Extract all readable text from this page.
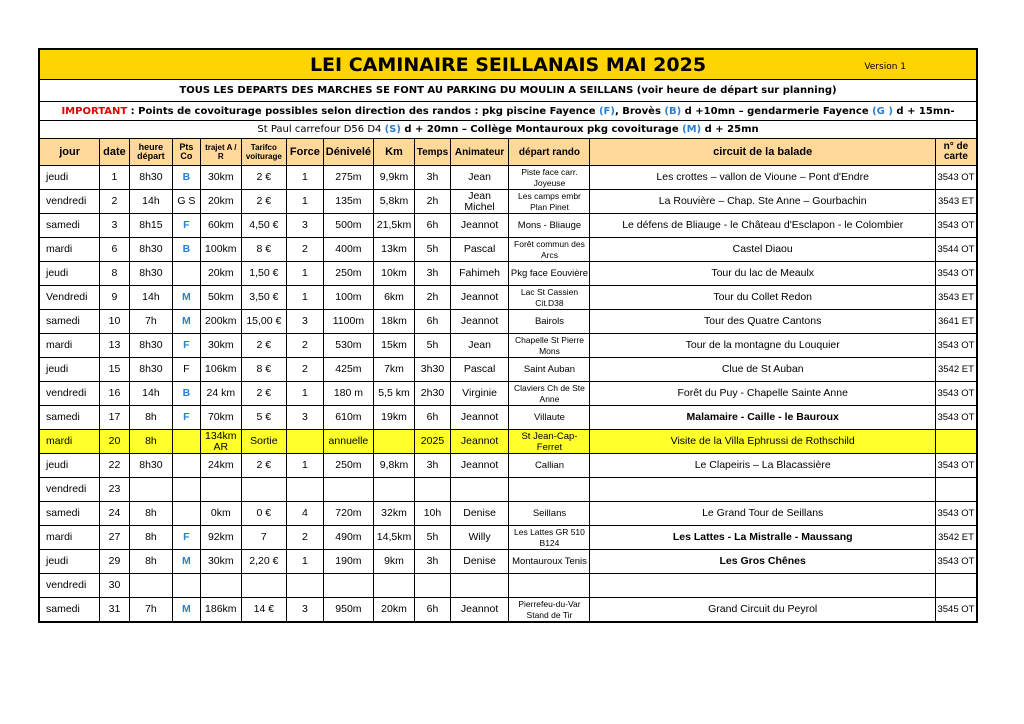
LEI CAMINAIRE SEILLANAIS MAI 2025	Version 1
TOUS LES DEPARTS DES MARCHES SE FONT AU PARKING DU MOULIN A SEILLANS (voir heure de départ sur planning)
IMPORTANT : Points de covoiturage possibles selon direction des randos : pkg piscine Fayence (F), Brovès (B) d +10mn – gendarmerie Fayence (G ) d + 15mn-
St Paul carrefour D56 D4 (S) d + 20mn – Collège Montauroux pkg covoiturage (M) d + 25mn
jour	date	heure départ	Pts Co	trajet A / R	Tarifco voiturage	Force	Dénivelé	Km	Temps	Animateur	départ rando	circuit de la balade	n° de carte
jeudi	1	8h30	B	30km	2 €	1	275m	9,9km	3h	Jean	Piste face carr. Joyeuse	Les crottes – vallon de Vioune – Pont d'Endre	3543 OT
vendredi	2	14h	G S	20km	2 €	1	135m	5,8km	2h	Jean Michel	Les camps embr Plan Pinet	La Rouvière – Chap. Ste Anne – Gourbachin	3543 ET
samedi	3	8h15	F	60km	4,50 €	3	500m	21,5km	6h	Jeannot	Mons - Bliauge	Le défens de Bliauge - le Château d'Esclapon - le Colombier	3543 OT
mardi	6	8h30	B	100km	8 €	2	400m	13km	5h	Pascal	Forêt commun des Arcs	Castel Diaou	3544 OT
jeudi	8	8h30		20km	1,50 €	1	250m	10km	3h	Fahimeh	Pkg face Eouvière	Tour du lac de Meaulx	3543 OT
Vendredi	9	14h	M	50km	3,50 €	1	100m	6km	2h	Jeannot	Lac St Cassien Cit.D38	Tour du Collet Redon	3543 ET
samedi	10	7h	M	200km	15,00 €	3	1100m	18km	6h	Jeannot	Bairols	Tour des Quatre Cantons	3641 ET
mardi	13	8h30	F	30km	2 €	2	530m	15km	5h	Jean	Chapelle St Pierre Mons	Tour de la montagne du Louquier	3543 OT
jeudi	15	8h30	F	106km	8 €	2	425m	7km	3h30	Pascal	Saint Auban	Clue de St Auban	3542 ET
vendredi	16	14h	B	24 km	2 €	1	180 m	5,5 km	2h30	Virginie	Claviers Ch de Ste Anne	Forêt du Puy - Chapelle Sainte Anne	3543 OT
samedi	17	8h	F	70km	5 €	3	610m	19km	6h	Jeannot	Villaute	Malamaire - Caille - le Bauroux	3543 OT
mardi	20	8h		134km AR	Sortie		annuelle		2025	Jeannot	St Jean-Cap-Ferret	Visite de la Villa Ephrussi de Rothschild	
jeudi	22	8h30		24km	2 €	1	250m	9,8km	3h	Jeannot	Callian	Le Clapeiris – La Blacassière	3543 OT
vendredi	23												
samedi	24	8h		0km	0 €	4	720m	32km	10h	Denise	Seillans	Le Grand Tour de Seillans	3543 OT
mardi	27	8h	F	92km	7	2	490m	14,5km	5h	Willy	Les Lattes GR 510 B124	Les Lattes - La Mistralle - Maussang	3542 ET
jeudi	29	8h	M	30km	2,20 €	1	190m	9km	3h	Denise	Montauroux Tenis	Les Gros Chênes	3543 OT
vendredi	30												
samedi	31	7h	M	186km	14 €	3	950m	20km	6h	Jeannot	Pierrefeu-du-Var Stand de Tir	Grand Circuit du Peyrol	3545 OT
